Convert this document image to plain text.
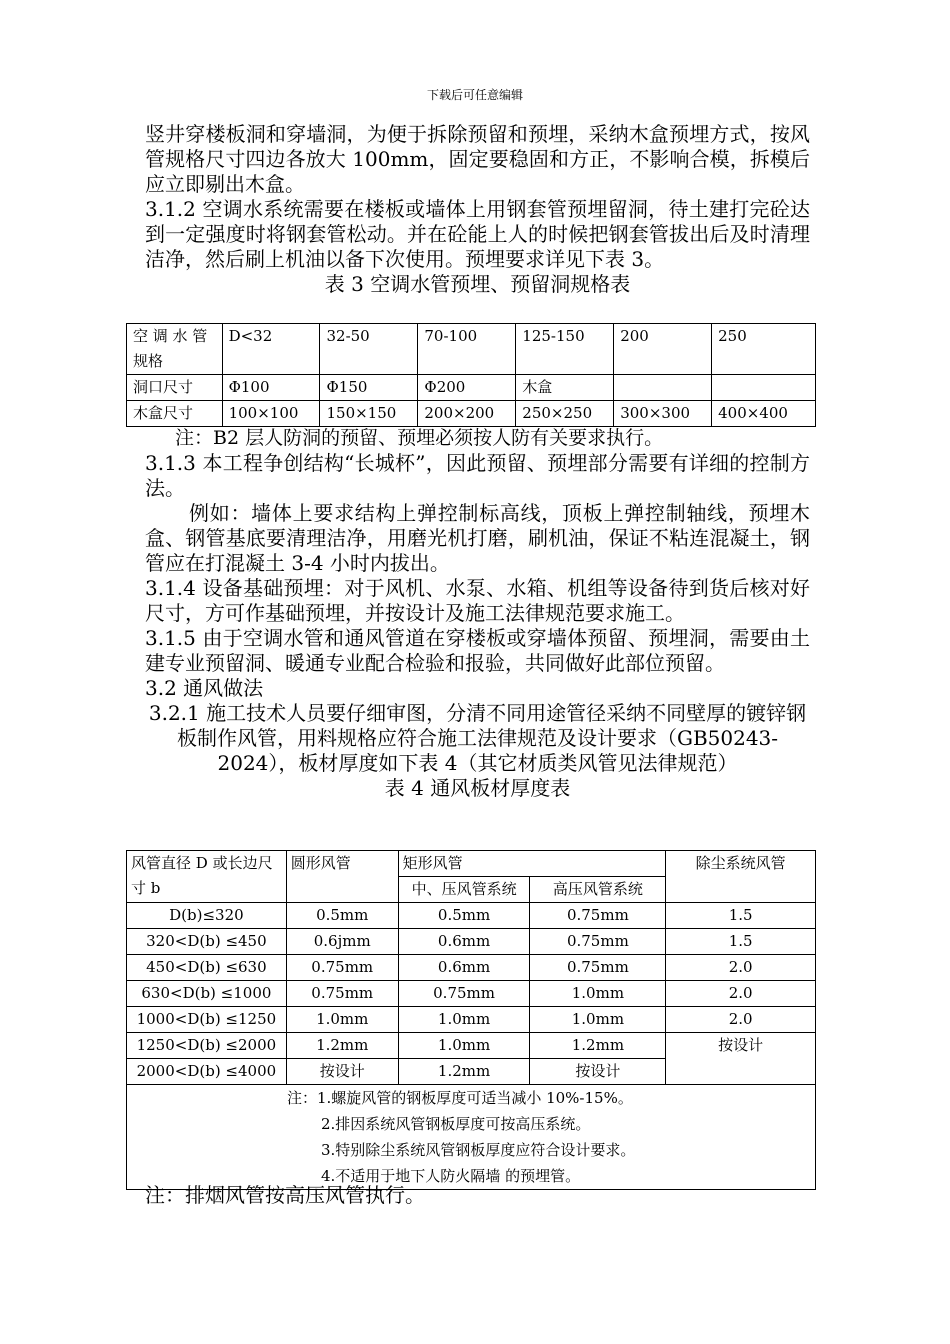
下载后可任意编辑

竖井穿楼板洞和穿墙洞，为便于拆除预留和预埋，采纳木盒预埋方式，按风管规格尺寸四边各放大 100mm，固定要稳固和方正，不影响合模，拆模后应立即剔出木盒。

3.1.2 空调水系统需要在楼板或墙体上用钢套管预埋留洞，待土建打完砼达到一定强度时将钢套管松动。并在砼能上人的时候把钢套管拔出后及时清理洁净，然后刷上机油以备下次使用。预埋要求详见下表 3。

表 3 空调水管预埋、预留洞规格表

空 调 水 管规格	D<32	32-50	70-100	125-150	200	250
洞口尺寸	Φ100	Φ150	Φ200	木盒		
木盒尺寸	100×100	150×150	200×200	250×250	300×300	400×400

注：B2 层人防洞的预留、预埋必须按人防有关要求执行。

3.1.3 本工程争创结构“长城杯”，因此预留、预埋部分需要有详细的控制方法。

例如：墙体上要求结构上弹控制标高线，顶板上弹控制轴线，预埋木盒、钢管基底要清理洁净，用磨光机打磨，刷机油，保证不粘连混凝土，钢管应在打混凝土 3-4 小时内拔出。

3.1.4 设备基础预埋：对于风机、水泵、水箱、机组等设备待到货后核对好尺寸，方可作基础预埋，并按设计及施工法律规范要求施工。

3.1.5 由于空调水管和通风管道在穿楼板或穿墙体预留、预埋洞，需要由土建专业预留洞、暖通专业配合检验和报验，共同做好此部位预留。

3.2 通风做法

3.2.1 施工技术人员要仔细审图，分清不同用途管径采纳不同壁厚的镀锌钢板制作风管，用料规格应符合施工法律规范及设计要求（GB50243-2024），板材厚度如下表 4（其它材质类风管见法律规范）

表 4 通风板材厚度表

风管直径 D 或长边尺寸 b	圆形风管	矩形风管		除尘系统风管
		中、压风管系统	高压风管系统	
D(b)≤320	0.5mm	0.5mm	0.75mm	1.5
320<D(b) ≤450	0.6jmm	0.6mm	0.75mm	1.5
450<D(b) ≤630	0.75mm	0.6mm	0.75mm	2.0
630<D(b) ≤1000	0.75mm	0.75mm	1.0mm	2.0
1000<D(b) ≤1250	1.0mm	1.0mm	1.0mm	2.0
1250<D(b) ≤2000	1.2mm	1.0mm	1.2mm	按设计
2000<D(b) ≤4000	按设计	1.2mm	按设计	

注：1.螺旋风管的钢板厚度可适当减小 10%-15%。
2.排因系统风管钢板厚度可按高压系统。
3.特别除尘系统风管钢板厚度应符合设计要求。
4.不适用于地下人防火隔墙 的预埋管。				

注：排烟风管按高压风管执行。
